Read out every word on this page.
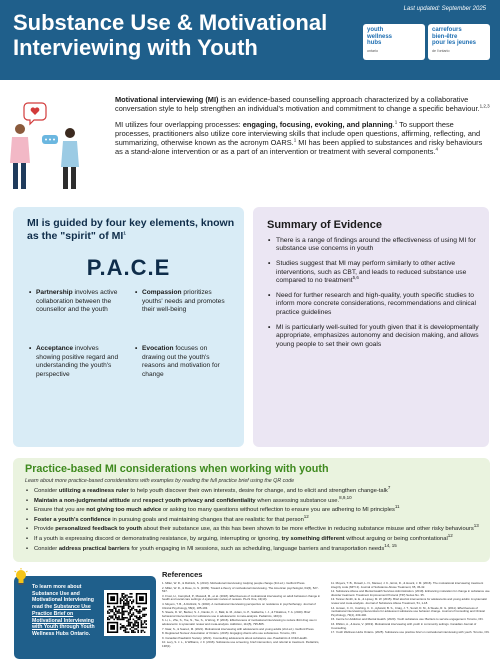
Last updated: September 2025
Substance Use & Motivational
Interviewing with Youth
youth
wellness
hubs
ontario
carrefours
bien-être
pour les jeunes
de l'ontario

Motivational interviewing (MI) is an evidence-based counselling approach characterized by a collaborative conversation style to help strengthen an individual's motivation and commitment to change a specific behaviour.$^{1,2,3}$

MI utilizes four overlapping processes: engaging, focusing, evoking, and planning.$^1$ To support these processes, practitioners also utilize core interviewing skills that include open questions, affirming, reflecting, and summarizing, otherwise known as the acronym OARS.$^1$ MI has been applied to substances and risky behaviours as a stand-alone intervention or as a part of an intervention or treatment with several components.$^4$

MI is guided by four key elements, known as the "spirit" of $MI^1$
P.A.C.E
• Partnership involves active collaboration between the counsellor and the youth
• Compassion prioritizes youths' needs and promotes their well-being
• Acceptance involves showing positive regard and understanding the youth's perspective
• Evocation focuses on drawing out the youth's reasons and motivation for change
Summary of Evidence
• There is a range of findings around the effectiveness of using MI for substance use concerns in youth
• Studies suggest that MI may perform similarly to other active interventions, such as CBT, and leads to reduced substance use compared to no treatment$^{5,6}$
• Need for further research and high-quality, youth specific studies to inform more concrete considerations, recommendations and clinical practice guidelines
• MI is particularly well-suited for youth given that it is developmentally appropriate, emphasizes autonomy and decision making, and allows young people to set their own goals
Practice-based MI considerations when working with youth
Learn about more practice-based considerations with examples by reading the full practice brief using the QR code
• Consider utilizing a readiness ruler to help youth discover their own interests, desire for change, and to elicit and strengthen change-talk$^7$
• Maintain a non-judgmental attitude and respect youth privacy and confidentiality when assessing substance use.$^{8,9,10}$
• Ensure that you are not giving too much advice or asking too many questions without reflection to ensure you are adhering to MI principles$^{11}$
• Foster a youth's confidence in pursuing goals and maintaining changes that are realistic for that person$^{12}$
• Provide personalized feedback to youth about their substance use, as this has been shown to be more effective in reducing substance misuse and other risky behaviours$^{13}$
• If a youth is expressing discord or demonstrating resistance, by arguing, interrupting or ignoring, try something different without arguing or being confrontational$^{12}$
• Consider address practical barriers for youth engaging in MI sessions, such as scheduling, language barriers and transportation needs$^{14, 15}$
To learn more about Substance Use and Motivational Interviewing read the Substance Use Practice Brief on Motivational Interviewing with Youth through Youth Wellness Hubs Ontario.
References
1. Miller, W. R., & Rollnick, S. (2013). Motivational interviewing: Helping people change (3rd ed.). Guilford Press.
2. Miller, W. R., & Rose, G. S. (2009). Toward a theory of motivational interviewing. The American psychologist, 64(6), 527-537.
3. Frost, H., Campbell, P., Maxwell, M., et al. (2018). Effectiveness of motivational interviewing on adult behaviour change in health and social care settings: A systematic review of reviews. PLoS One, 13(10).
4. Moyers, T. B., & Rollnick, S. (2002). A motivational interviewing perspective on resistance in psychotherapy. Journal of Clinical Psychology, 58(2), 185-193.
5. Steele, D. W., Becker, S. J., Danko, K. J., Balk, E. M., Adam, G. P., Saldanha, I. J., & Trikalinos, T. A. (2020). Brief behavioral interventions for substance use in adolescents: A meta-analysis. Pediatrics, 146(4).
6. Li, L., Zhu, S., Tse, N., Tse, S., & Wong, P. (2016). Effectiveness of motivational interviewing to reduce illicit drug use in adolescents: A systematic review and meta-analysis. Addiction, 111(5), 795-805.
7. Naar, S., & Suarez, M. (2021). Motivational interviewing with adolescents and young adults (2nd ed.). Guilford Press.
8. Registered Nurses' Association of Ontario. (2015). Engaging clients who use substances. Toronto, ON.
9. Canadian Paediatric Society. (2021). Counselling adolescents about substance use. Paediatrics & Child Health.
10. Levy, S. J. L., & Williams, J. F. (2016). Substance use screening, brief intervention, and referral to treatment. Pediatrics, 138(1).
11. Moyers, T. B., Rowell, L. N., Manuel, J. K., Ernst, D., & Houck, J. M. (2016). The motivational interviewing treatment integrity code (MITI 4). Journal of Substance Abuse Treatment, 65, 36-42.
12. Substance Abuse and Mental Health Services Administration. (2019). Enhancing motivation for change in substance use disorder treatment. Treatment Improvement Protocol (TIP) Series No. 35.
13. Tanner-Smith, E. E., & Lipsey, M. W. (2015). Brief alcohol interventions for adolescents and young adults: A systematic review and meta-analysis. Journal of Substance Abuse Treatment, 51, 1-18.
14. Jensen, C. D., Cushing, C. C., Aylward, B. S., Craig, J. T., Sorell, D. M., & Steele, R. G. (2011). Effectiveness of motivational interviewing interventions for adolescent substance use behavior change. Journal of Consulting and Clinical Psychology, 79(4), 433-440.
15. Centre for Addiction and Mental Health. (2020). Youth substance use: Barriers to service engagement. Toronto, ON.
16. Dhillon, A., & Hans, V. (2019). Motivational interviewing with youth in community settings. Canadian Journal of Counselling.
17. Youth Wellness Hubs Ontario. (2025). Substance use practice brief on motivational interviewing with youth. Toronto, ON.
